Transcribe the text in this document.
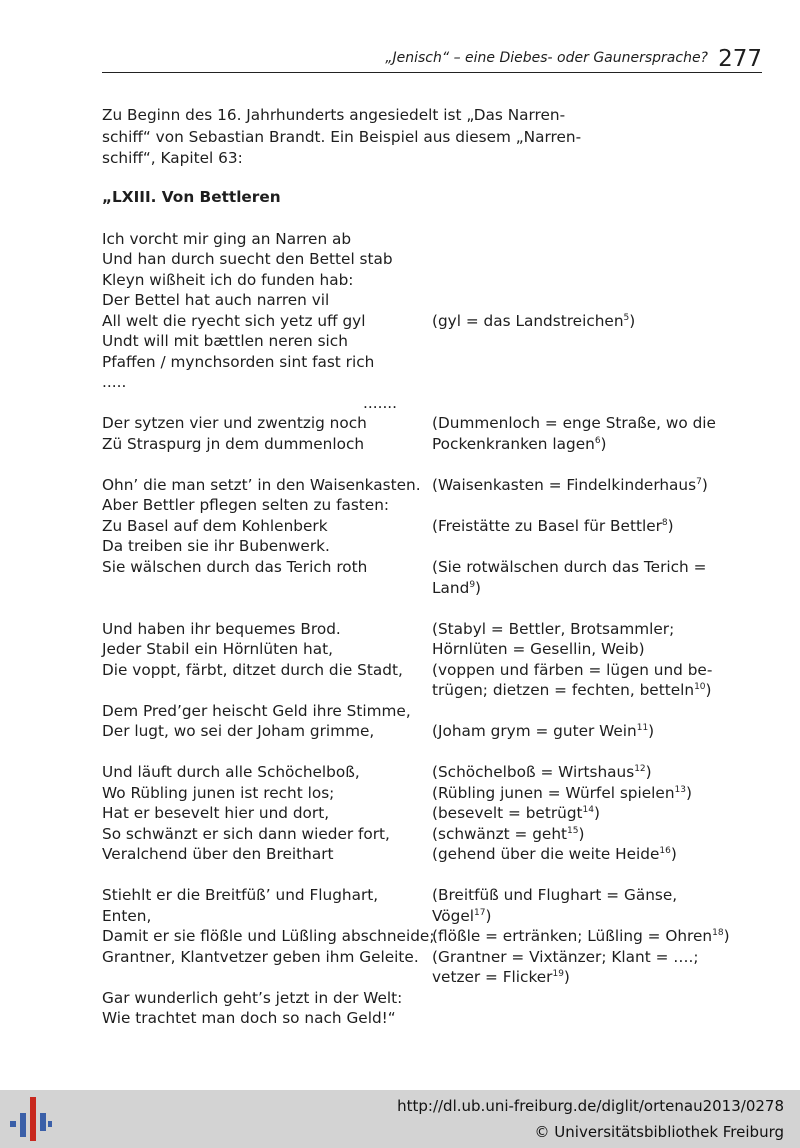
„Jenisch“ – eine Diebes- oder Gaunersprache? 277
Zu Beginn des 16. Jahrhunderts angesiedelt ist „Das Narren-
schiff“ von Sebastian Brandt. Ein Beispiel aus diesem „Narren-
schiff“, Kapitel 63:
„LXIII. Von Bettleren
Ich vorcht mir ging an Narren ab
Und han durch suecht den Bettel stab
Kleyn wißheit ich do funden hab:
Der Bettel hat auch narren vil
All welt die ryecht sich yetz uff gyl
Undt will mit bættlen neren sich
Pfaffen / mynchsorden sint fast rich
.....
.......
Der sytzen vier und zwentzig noch
Zü Straspurg jn dem dummenloch
Ohn’ die man setzt’ in den Waisenkasten.
Aber Bettler pflegen selten zu fasten:
Zu Basel auf dem Kohlenberk
Da treiben sie ihr Bubenwerk.
Sie wälschen durch das Terich roth
Und haben ihr bequemes Brod.
Jeder Stabil ein Hörnlüten hat,
Die voppt, färbt, ditzet durch die Stadt,
Dem Pred’ger heischt Geld ihre Stimme,
Der lugt, wo sei der Joham grimme,
Und läuft durch alle Schöchelboß,
Wo Rübling junen ist recht los;
Hat er besevelt hier und dort,
So schwänzt er sich dann wieder fort,
Veralchend über den Breithart
Stiehlt er die Breitfüß’ und Flughart,
Enten,
Damit er sie flößle und Lüßling abschneide;
Grantner, Klantvetzer geben ihm Geleite.
Gar wunderlich geht’s jetzt in der Welt:
Wie trachtet man doch so nach Geld!“
(gyl = das Landstreichen$^5$)
(Dummenloch = enge Straße, wo die
Pockenkranken lagen$^6$)
(Waisenkasten = Findelkinderhaus$^7$)
(Freistätte zu Basel für Bettler$^8$)
(Sie rotwälschen durch das Terich =
Land$^9$)
(Stabyl = Bettler, Brotsammler;
Hörnlüten = Gesellin, Weib)
(voppen und färben = lügen und be-
trügen; dietzen = fechten, betteln$^{10}$)
(Joham grym = guter Wein$^{11}$)
(Schöchelboß = Wirtshaus$^{12}$)
(Rübling junen = Würfel spielen$^{13}$)
(besevelt = betrügt$^{14}$)
(schwänzt = geht$^{15}$)
(gehend über die weite Heide$^{16}$)
(Breitfüß und Flughart = Gänse,
Vögel$^{17}$)
(flößle = ertränken; Lüßling = Ohren$^{18}$)
(Grantner = Vixtänzer; Klant = ….;
vetzer = Flicker$^{19}$)
http://dl.ub.uni-freiburg.de/diglit/ortenau2013/0278
© Universitätsbibliothek Freiburg
